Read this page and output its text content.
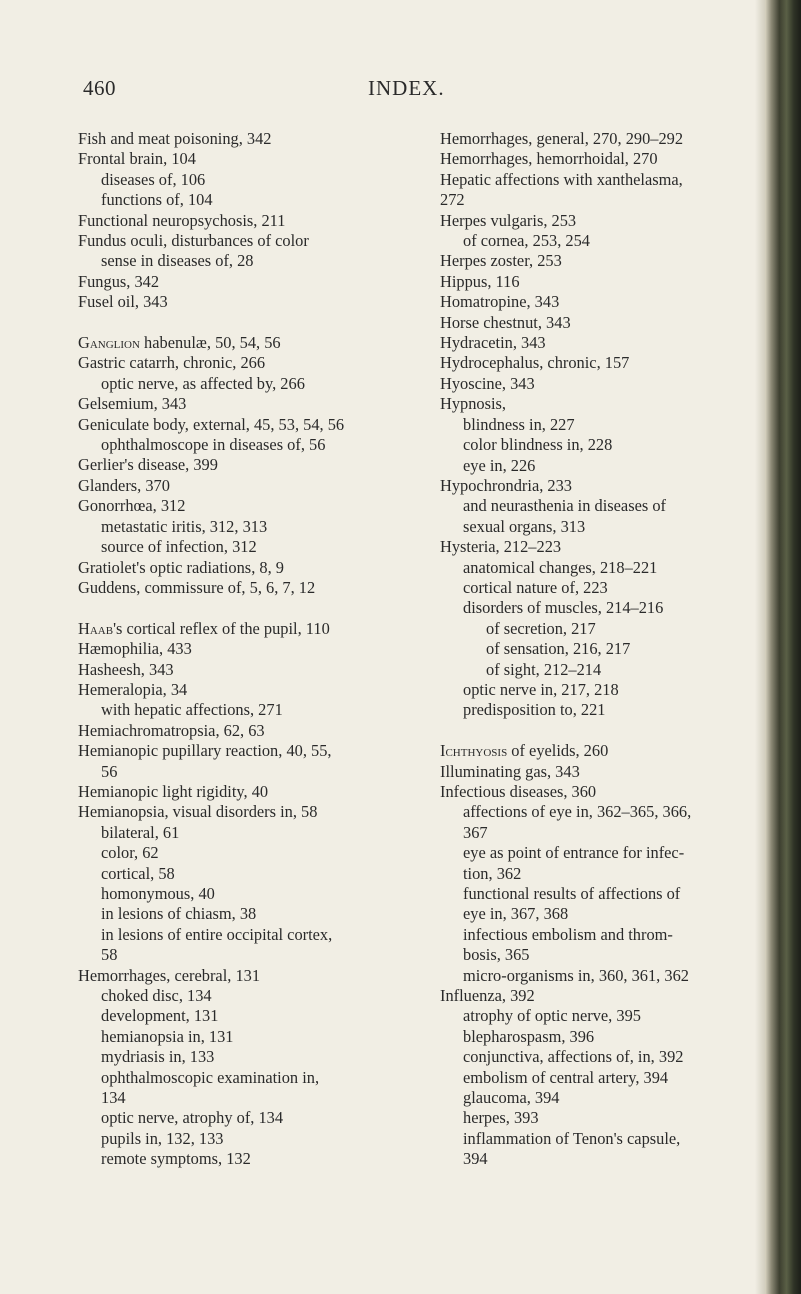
460	INDEX.
Fish and meat poisoning, 342
Frontal brain, 104
diseases of, 106
functions of, 104
Functional neuropsychosis, 211
Fundus oculi, disturbances of color
sense in diseases of, 28
Fungus, 342
Fusel oil, 343
Ganglion habenulæ, 50, 54, 56
Gastric catarrh, chronic, 266
optic nerve, as affected by, 266
Gelsemium, 343
Geniculate body, external, 45, 53, 54, 56
ophthalmoscope in diseases of, 56
Gerlier's disease, 399
Glanders, 370
Gonorrhœa, 312
metastatic iritis, 312, 313
source of infection, 312
Gratiolet's optic radiations, 8, 9
Guddens, commissure of, 5, 6, 7, 12
Haab's cortical reflex of the pupil, 110
Hæmophilia, 433
Hasheesh, 343
Hemeralopia, 34
with hepatic affections, 271
Hemiachromatropsia, 62, 63
Hemianopic pupillary reaction, 40, 55,
56
Hemianopic light rigidity, 40
Hemianopsia, visual disorders in, 58
bilateral, 61
color, 62
cortical, 58
homonymous, 40
in lesions of chiasm, 38
in lesions of entire occipital cortex,
58
Hemorrhages, cerebral, 131
choked disc, 134
development, 131
hemianopsia in, 131
mydriasis in, 133
ophthalmoscopic examination in,
134
optic nerve, atrophy of, 134
pupils in, 132, 133
remote symptoms, 132
Hemorrhages, general, 270, 290–292
Hemorrhages, hemorrhoidal, 270
Hepatic affections with xanthelasma,
272
Herpes vulgaris, 253
of cornea, 253, 254
Herpes zoster, 253
Hippus, 116
Homatropine, 343
Horse chestnut, 343
Hydracetin, 343
Hydrocephalus, chronic, 157
Hyoscine, 343
Hypnosis,
blindness in, 227
color blindness in, 228
eye in, 226
Hypochrondria, 233
and neurasthenia in diseases of
sexual organs, 313
Hysteria, 212–223
anatomical changes, 218–221
cortical nature of, 223
disorders of muscles, 214–216
of secretion, 217
of sensation, 216, 217
of sight, 212–214
optic nerve in, 217, 218
predisposition to, 221
Ichthyosis of eyelids, 260
Illuminating gas, 343
Infectious diseases, 360
affections of eye in, 362–365, 366,
367
eye as point of entrance for infec-
tion, 362
functional results of affections of
eye in, 367, 368
infectious embolism and throm-
bosis, 365
micro-organisms in, 360, 361, 362
Influenza, 392
atrophy of optic nerve, 395
blepharospasm, 396
conjunctiva, affections of, in, 392
embolism of central artery, 394
glaucoma, 394
herpes, 393
inflammation of Tenon's capsule,
394
